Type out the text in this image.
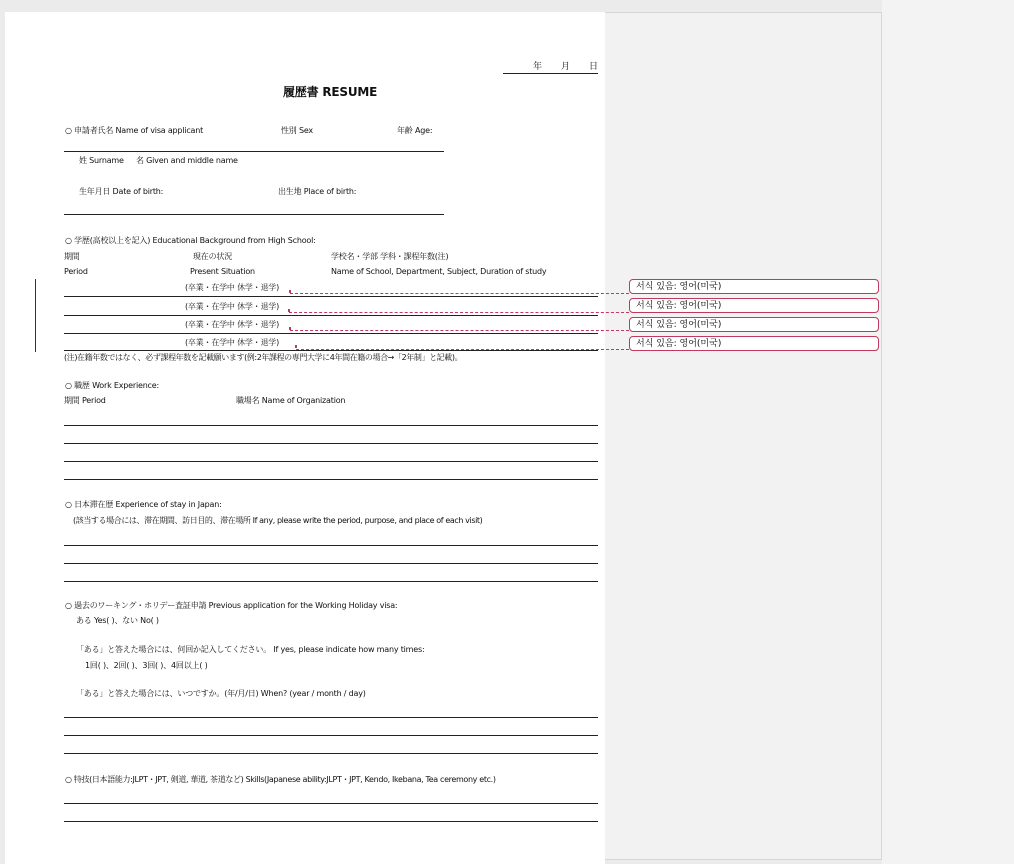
年 月 日
履歴書 RESUME
○ 申請者氏名 Name of visa applicant	性別 Sex	年齢 Age:
姓 Surname 名 Given and middle name
生年月日 Date of birth:	出生地 Place of birth:
○ 学歴(高校以上を記入) Educational Background from High School:
期間	現在の状況	学校名・学部 学科・課程年数(注)
Period	Present Situation	Name of School, Department, Subject, Duration of study
(卒業・在学中 休学・退学)
(卒業・在学中 休学・退学)
(卒業・在学中 休学・退学)
(卒業・在学中 休学・退学)
(注)在籍年数ではなく、必ず課程年数を記載願います(例:2年課程の専門大学に4年間在籍の場合→「2年制」と記載)。
○ 職歴 Work Experience:
期間 Period	職場名 Name of Organization
○ 日本滞在歴 Experience of stay in Japan:
(該当する場合には、滞在期間、訪日目的、滞在場所 If any, please write the period, purpose, and place of each visit)
○ 過去のワーキング・ホリデー査証申請 Previous application for the Working Holiday visa:
ある Yes( )、ない No( )
「ある」と答えた場合には、何回か記入してください。 If yes, please indicate how many times:
1回( )、2回( )、3回( )、4回以上( )
「ある」と答えた場合には、いつですか。(年/月/日) When? (year / month / day)
○ 特技(日本語能力:JLPT・JPT, 剣道, 華道, 茶道など) Skills(Japanese ability:JLPT・JPT, Kendo, Ikebana, Tea ceremony etc.)
서식 있음: 영어(미국)
서식 있음: 영어(미국)
서식 있음: 영어(미국)
서식 있음: 영어(미국)
